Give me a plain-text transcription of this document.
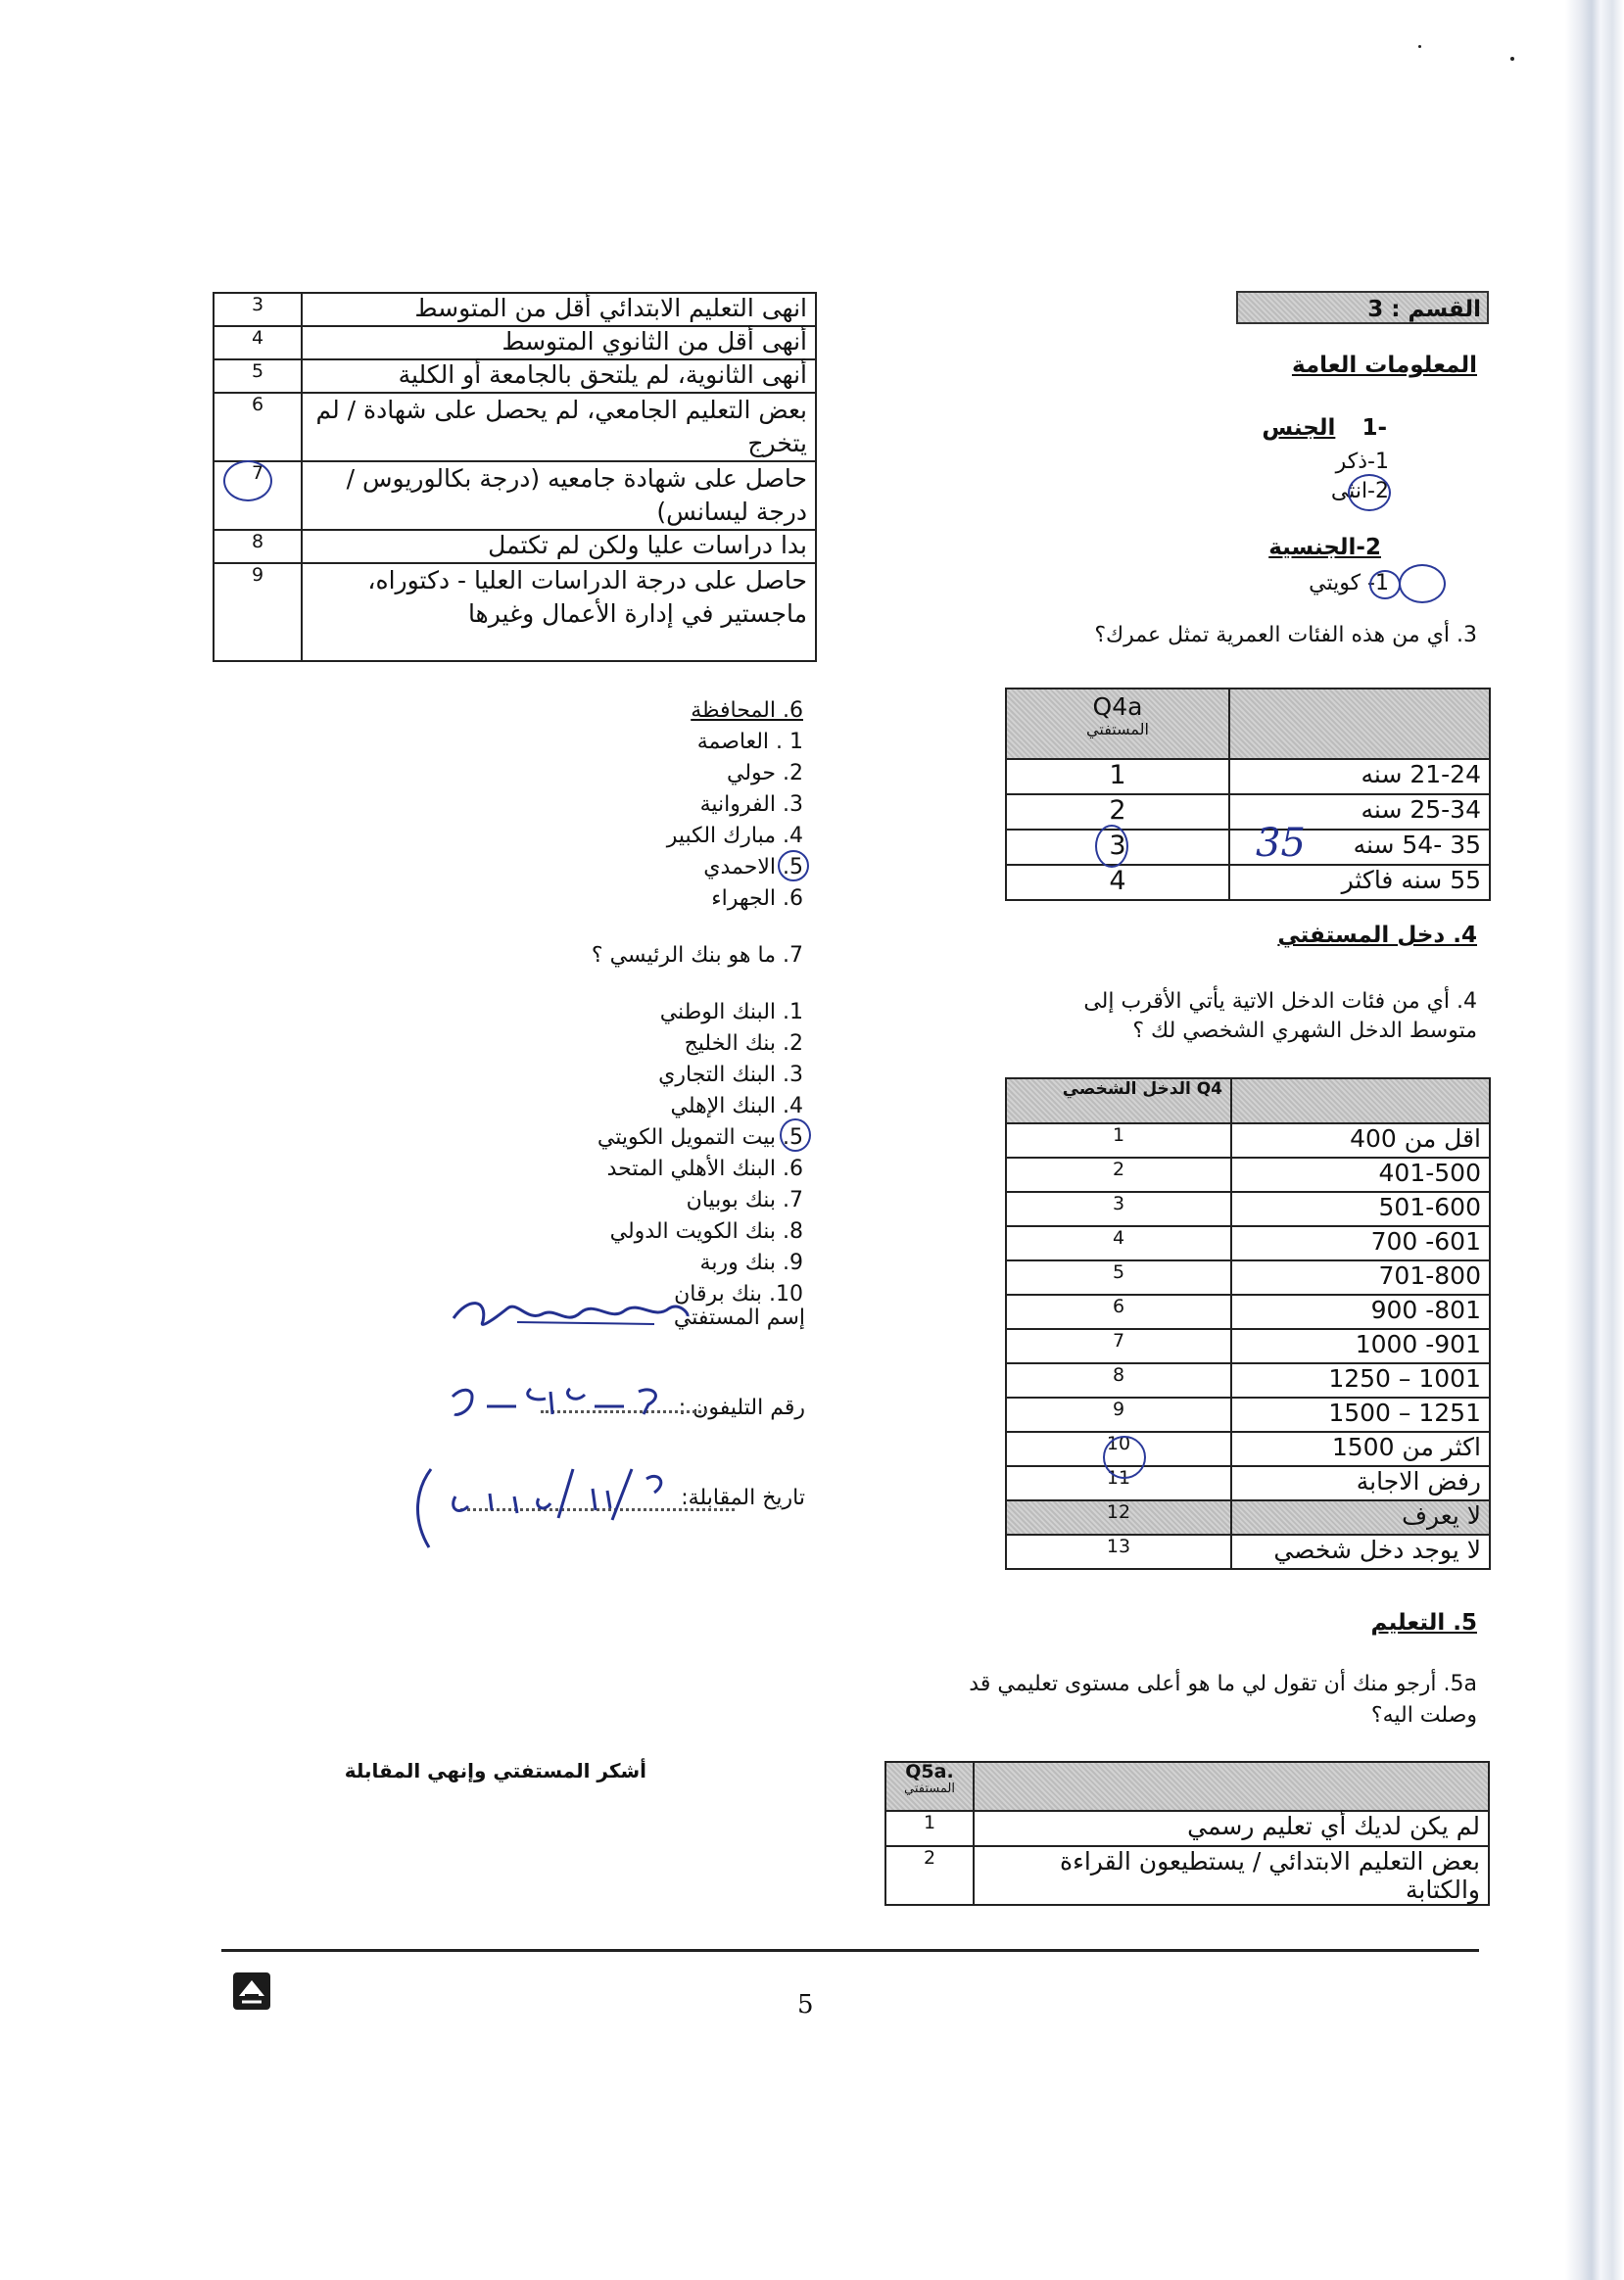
القسم : 3
المعلومات العامة
-1 الجنس
1-ذكر
2-انثى
2-الجنسية
1- كويتي
3. أي من هذه الفئات العمرية تمثل عمرك؟
Q4a
المستفتي	

1	21-24 سنه
2	25-34 سنه
3	35 -54 سنه
4	55 سنه فاكثر
35
4. دخل المستفتي
4. أي من فئات الدخل الاتية يأتي الأقرب إلى متوسط الدخل الشهري الشخصي لك ؟
Q4 الدخل الشخصي	
1	اقل من 400
2	401-500
3	501-600
4	601- 700
5	701-800
6	801- 900
7	901- 1000
8	1001 – 1250
9	1251 – 1500
10	اكثر من 1500
11	رفض الاجابة
12	لا يعرف
13	لا يوجد دخل شخصي
5. التعليم
5a. أرجو منك أن تقول لي ما هو أعلى مستوى تعليمي قد وصلت اليه؟
Q5a.
المستفتي	

1	لم يكن لديك أي تعليم رسمي
2	بعض التعليم الابتدائي / يستطيعون القراءة والكتابة
3	انهى التعليم الابتدائي أقل من المتوسط
4	أنهى أقل من الثانوي المتوسط
5	أنهى الثانوية، لم يلتحق بالجامعة أو الكلية
6	بعض التعليم الجامعي، لم يحصل على شهادة / لم يتخرج
7	حاصل على شهادة جامعيه (درجة بكالوريوس / درجة ليسانس)
8	بدا دراسات عليا ولكن لم تكتمل
9	حاصل على درجة الدراسات العليا - دكتوراه، ماجستير في إدارة الأعمال وغيرها
6. المحافظة
1 . العاصمة
2. حولي
3. الفروانية
4. مبارك الكبير
5. الاحمدي
6. الجهراء
7. ما هو بنك الرئيسي ؟
1. البنك الوطني
2. بنك الخليج
3. البنك التجاري
4. البنك الإهلي
5. بيت التمويل الكويتي
6. البنك الأهلي المتحد
7. بنك بوبيان
8. بنك الكويت الدولي
9. بنك وربة
10. بنك برقان
إسم المستفتي
رقم التليفون :
تاريخ المقابلة:
أشكر المستفتي وإنهي المقابلة
5
